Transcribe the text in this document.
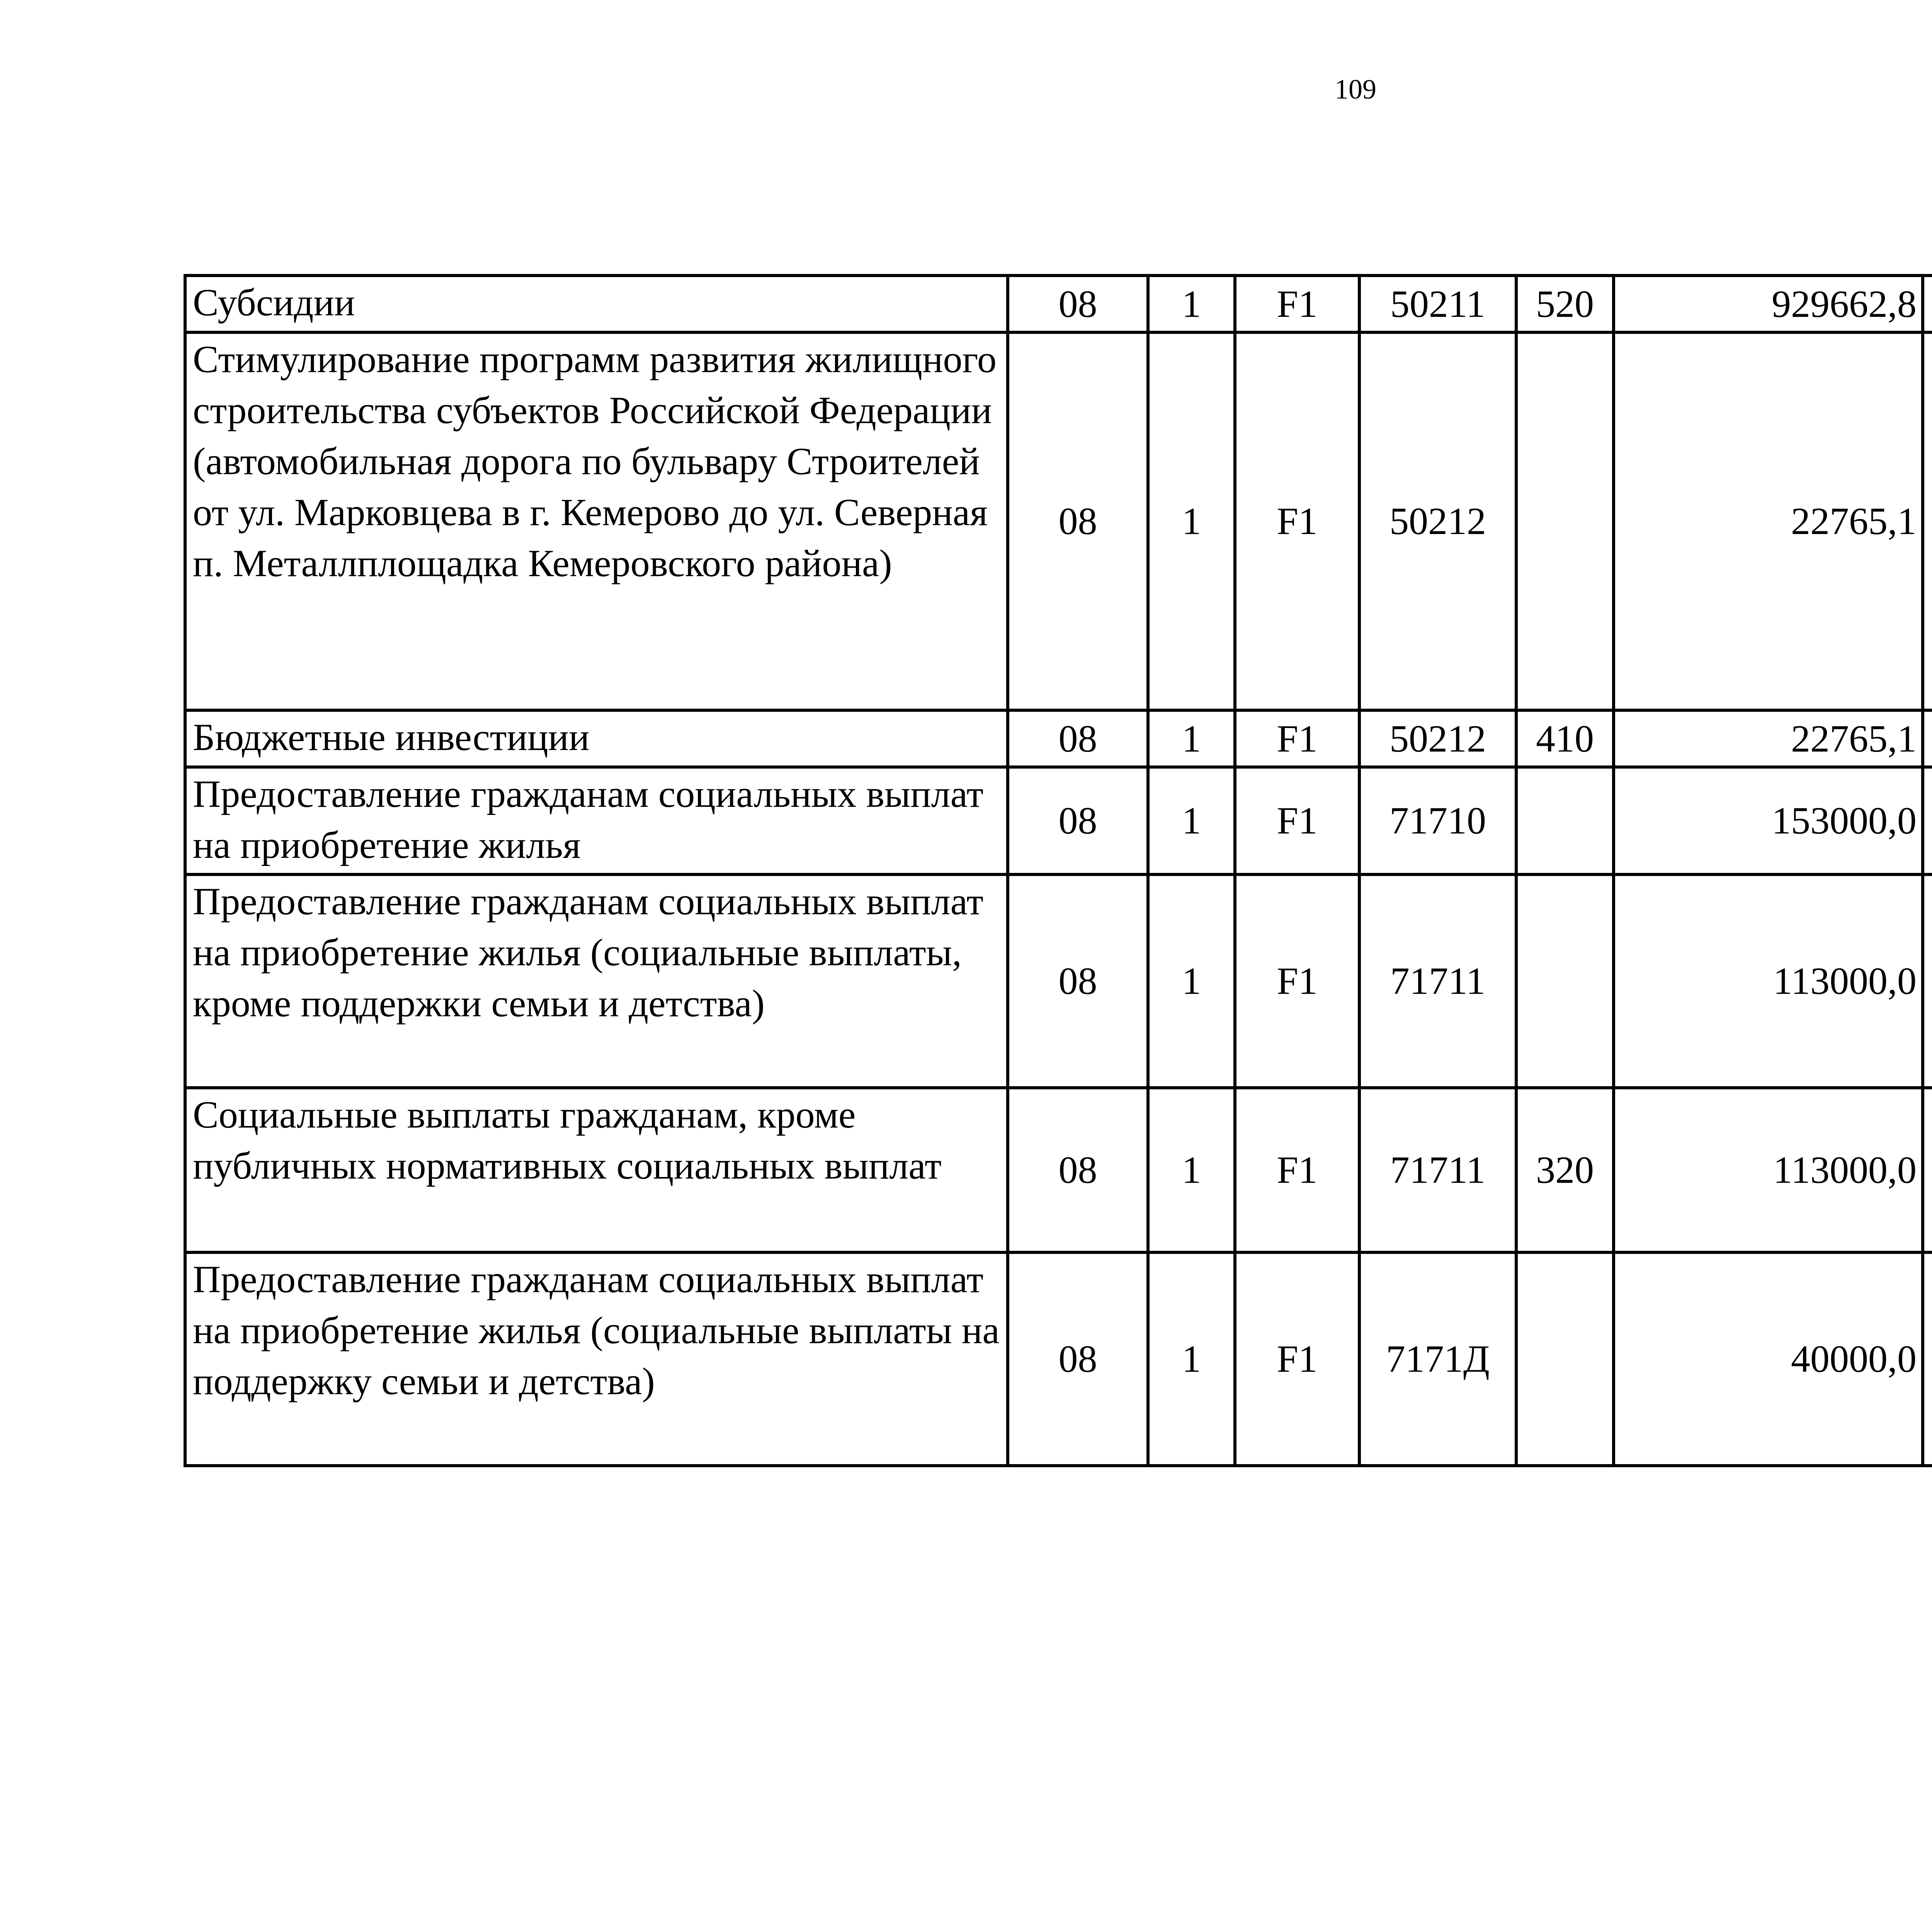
109
Субсидии	08	1	F1	50211	520	929662,8		
Стимулирование программ развития жилищного строительства субъектов Российской Федерации (автомобильная дорога по бульвару Строителей от ул. Марковцева в г. Кемерово до ул. Северная п. Металлплощадка Кемеровского района)	08	1	F1	50212		22765,1		
Бюджетные инвестиции	08	1	F1	50212	410	22765,1		
Предоставление гражданам социальных выплат на приобретение жилья	08	1	F1	71710		153000,0		
Предоставление гражданам социальных выплат на приобретение жилья (социальные выплаты, кроме поддержки семьи и детства)	08	1	F1	71711		113000,0		
Социальные выплаты гражданам, кроме публичных нормативных социальных выплат	08	1	F1	71711	320	113000,0		
Предоставление гражданам социальных выплат на приобретение жилья (социальные выплаты на поддержку семьи и детства)	08	1	F1	7171Д		40000,0		
